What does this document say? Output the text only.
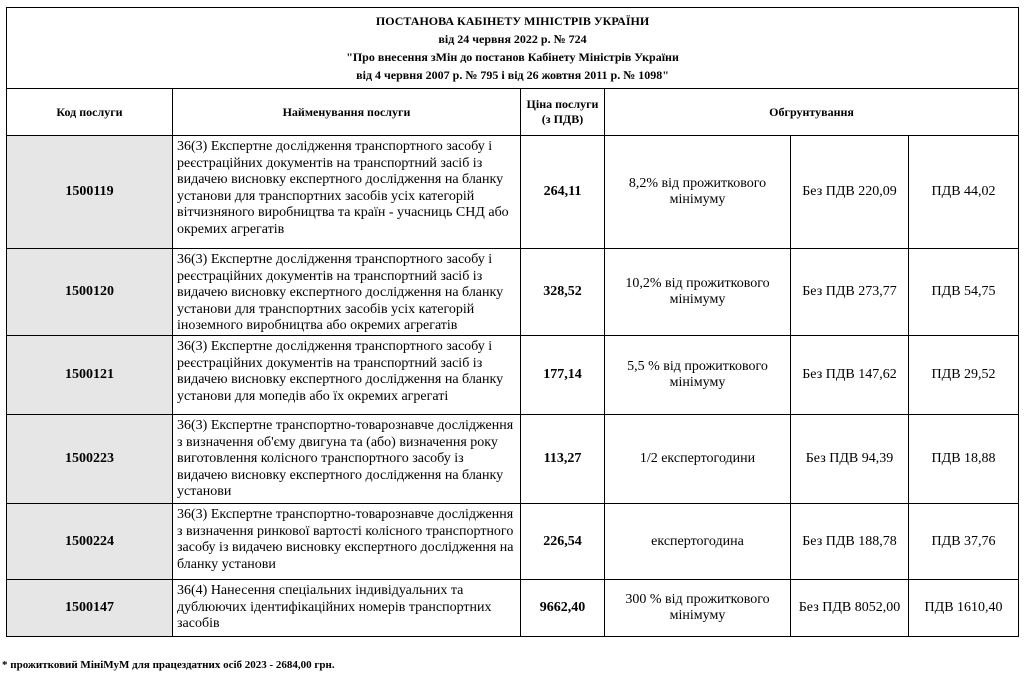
ПОСТАНОВА КАБІНЕТУ МІНІСТРІВ УКРАЇНИ
від 24 червня 2022 р. № 724
"Про внесення зМін до постанов Кабінету Міністрів України
від 4 червня 2007 р. № 795 і від 26 жовтня 2011 р. № 1098"					

Код послуги	Найменування послуги	Ціна послуги (з ПДВ)	Обгрунтування		
1500119	36(3) Експертне дослідження транспортного засобу і реєстраційних документів на транспортний засіб із видачею висновку експертного дослідження на бланку установи для транспортних засобів усіх категорій вітчизняного виробництва та країн - учасниць СНД або окремих агрегатів	264,11	8,2% від прожиткового мінімуму	Без ПДВ 220,09	ПДВ 44,02
1500120	36(3) Експертне дослідження транспортного засобу і реєстраційних документів на транспортний засіб із видачею висновку експертного дослідження на бланку установи для транспортних засобів усіх категорій іноземного виробництва або окремих агрегатів	328,52	10,2% від прожиткового мінімуму	Без ПДВ 273,77	ПДВ 54,75
1500121	36(3) Експертне дослідження транспортного засобу і реєстраційних документів на транспортний засіб із видачею висновку експертного дослідження на бланку установи для мопедів або їх окремих агрегаті	177,14	5,5 % від прожиткового мінімуму	Без ПДВ 147,62	ПДВ 29,52
1500223	36(3) Експертне транспортно-товарознавче дослідження з визначення об'єму двигуна та (або) визначення року виготовлення колісного транспортного засобу із видачею висновку експертного дослідження на бланку установи	113,27	1/2 експертогодини	Без ПДВ 94,39	ПДВ 18,88
1500224	36(3) Експертне транспортно-товарознавче дослідження з визначення ринкової вартості колісного транспортного засобу із видачею висновку експертного дослідження на бланку установи	226,54	експертогодина	Без ПДВ 188,78	ПДВ 37,76
1500147	36(4) Нанесення спеціальних індивідуальних та дублюючих ідентифікаційних номерів транспортних засобів	9662,40	300 % від прожиткового мінімуму	Без ПДВ 8052,00	ПДВ 1610,40
* прожитковий МініМуМ для працездатних осіб 2023 - 2684,00 грн.
